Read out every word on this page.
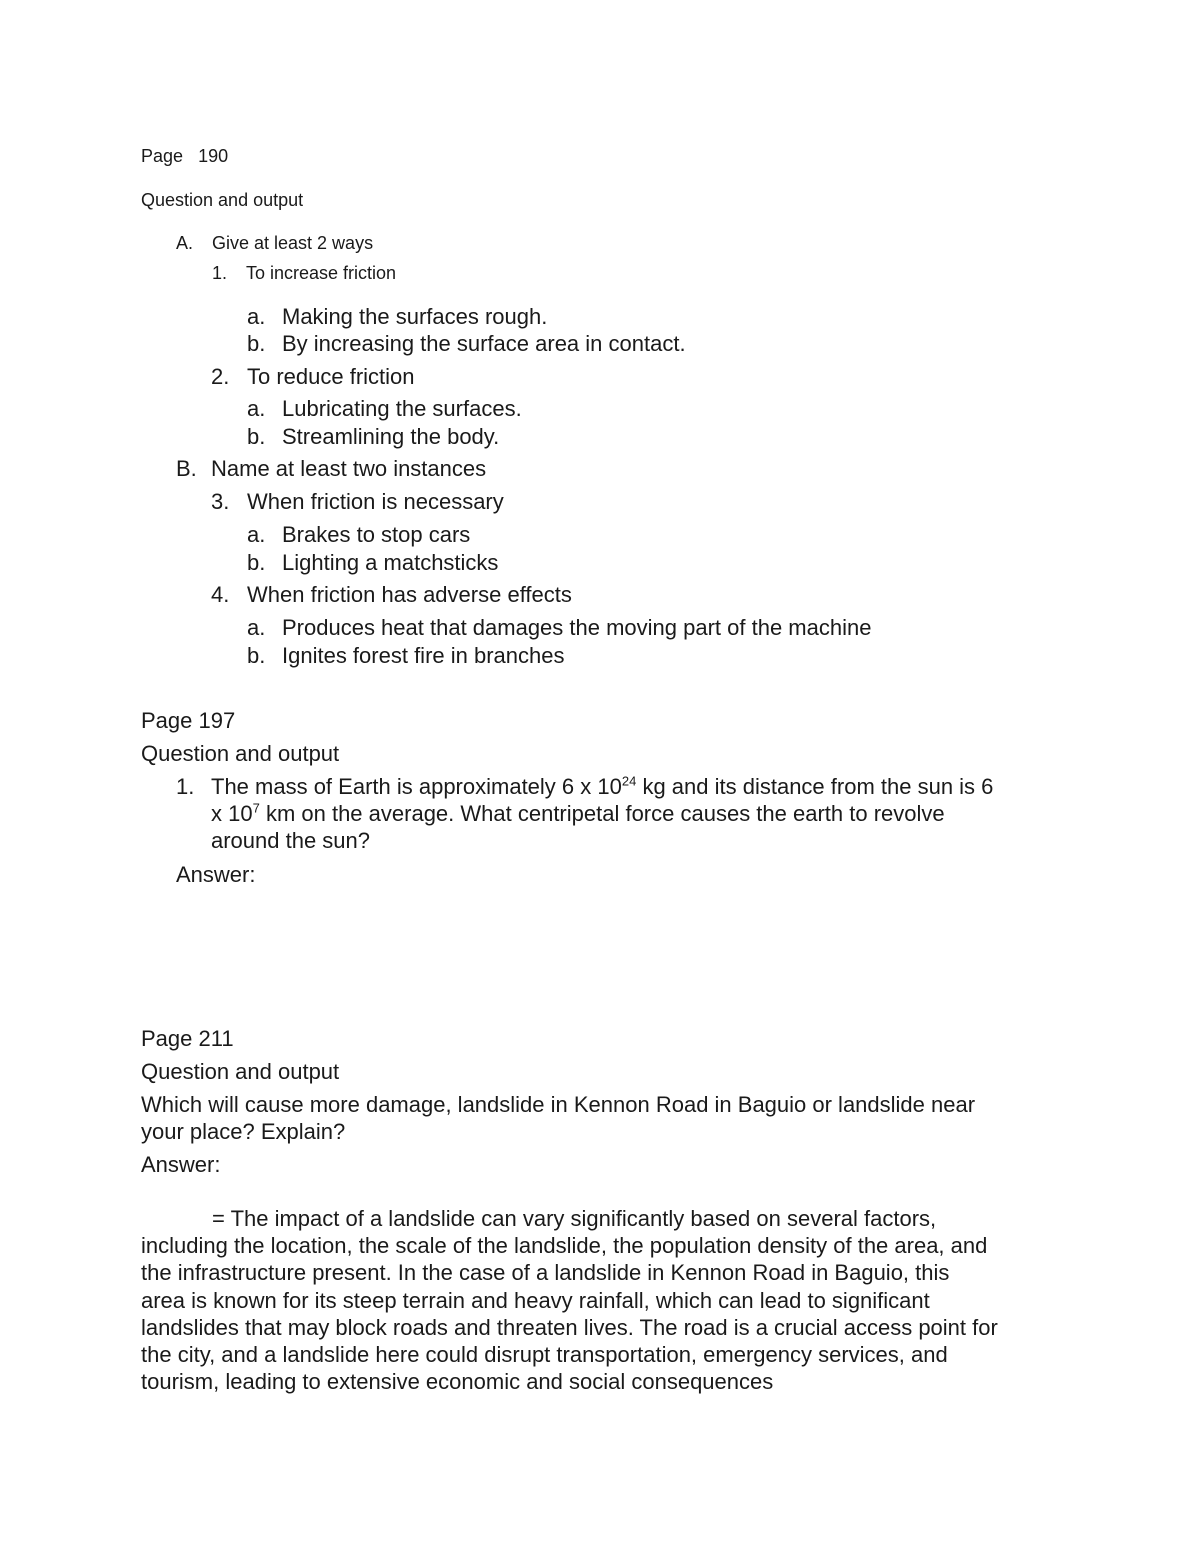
Page 190
Question and output
A. Give at least 2 ways
1. To increase friction
a. Making the surfaces rough.
b. By increasing the surface area in contact.
2. To reduce friction
a. Lubricating the surfaces.
b. Streamlining the body.
B. Name at least two instances
3. When friction is necessary
a. Brakes to stop cars
b. Lighting a matchsticks
4. When friction has adverse effects
a. Produces heat that damages the moving part of the machine
b. Ignites forest fire in branches
Page 197
Question and output
1. The mass of Earth is approximately 6 x $10^{24}$ kg and its distance from the sun is 6
x $10^7$ km on the average. What centripetal force causes the earth to revolve
around the sun?
Answer:
Page 211
Question and output
Which will cause more damage, landslide in Kennon Road in Baguio or landslide near
your place? Explain?
Answer:
= The impact of a landslide can vary significantly based on several factors,
including the location, the scale of the landslide, the population density of the area, and
the infrastructure present. In the case of a landslide in Kennon Road in Baguio, this
area is known for its steep terrain and heavy rainfall, which can lead to significant
landslides that may block roads and threaten lives. The road is a crucial access point for
the city, and a landslide here could disrupt transportation, emergency services, and
tourism, leading to extensive economic and social consequences
